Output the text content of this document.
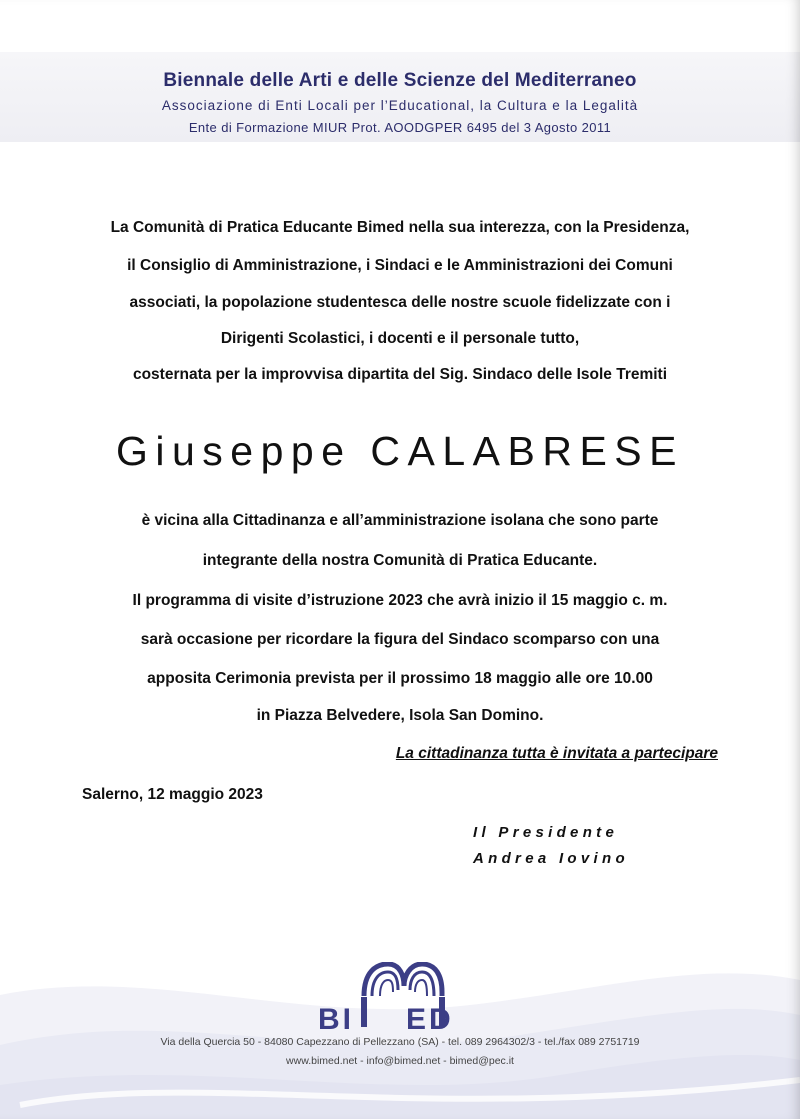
Biennale delle Arti e delle Scienze del Mediterraneo
Associazione di Enti Locali per l’Educational, la Cultura e la Legalità
Ente di Formazione MIUR Prot. AOODGPER 6495 del 3 Agosto 2011
La Comunità di Pratica Educante Bimed nella sua interezza, con la Presidenza,
il Consiglio di Amministrazione, i Sindaci e le Amministrazioni dei Comuni
associati, la popolazione studentesca delle nostre scuole fidelizzate con i
Dirigenti Scolastici, i docenti e il personale tutto,
costernata per la improvvisa dipartita del Sig. Sindaco delle Isole Tremiti
Giuseppe CALABRESE
è vicina alla Cittadinanza e all’amministrazione isolana che sono parte
integrante della nostra Comunità di Pratica Educante.
Il programma di visite d’istruzione 2023 che avrà inizio il 15 maggio c. m.
sarà occasione per ricordare la figura del Sindaco scomparso con una
apposita Cerimonia prevista per il prossimo 18 maggio alle ore 10.00
in Piazza Belvedere, Isola San Domino.
La cittadinanza tutta è invitata a partecipare
Salerno, 12 maggio 2023
Il Presidente
Andrea Iovino
BI ED
Via della Quercia 50 - 84080 Capezzano di Pellezzano (SA) - tel. 089 2964302/3 - tel./fax 089 2751719
www.bimed.net - info@bimed.net - bimed@pec.it
